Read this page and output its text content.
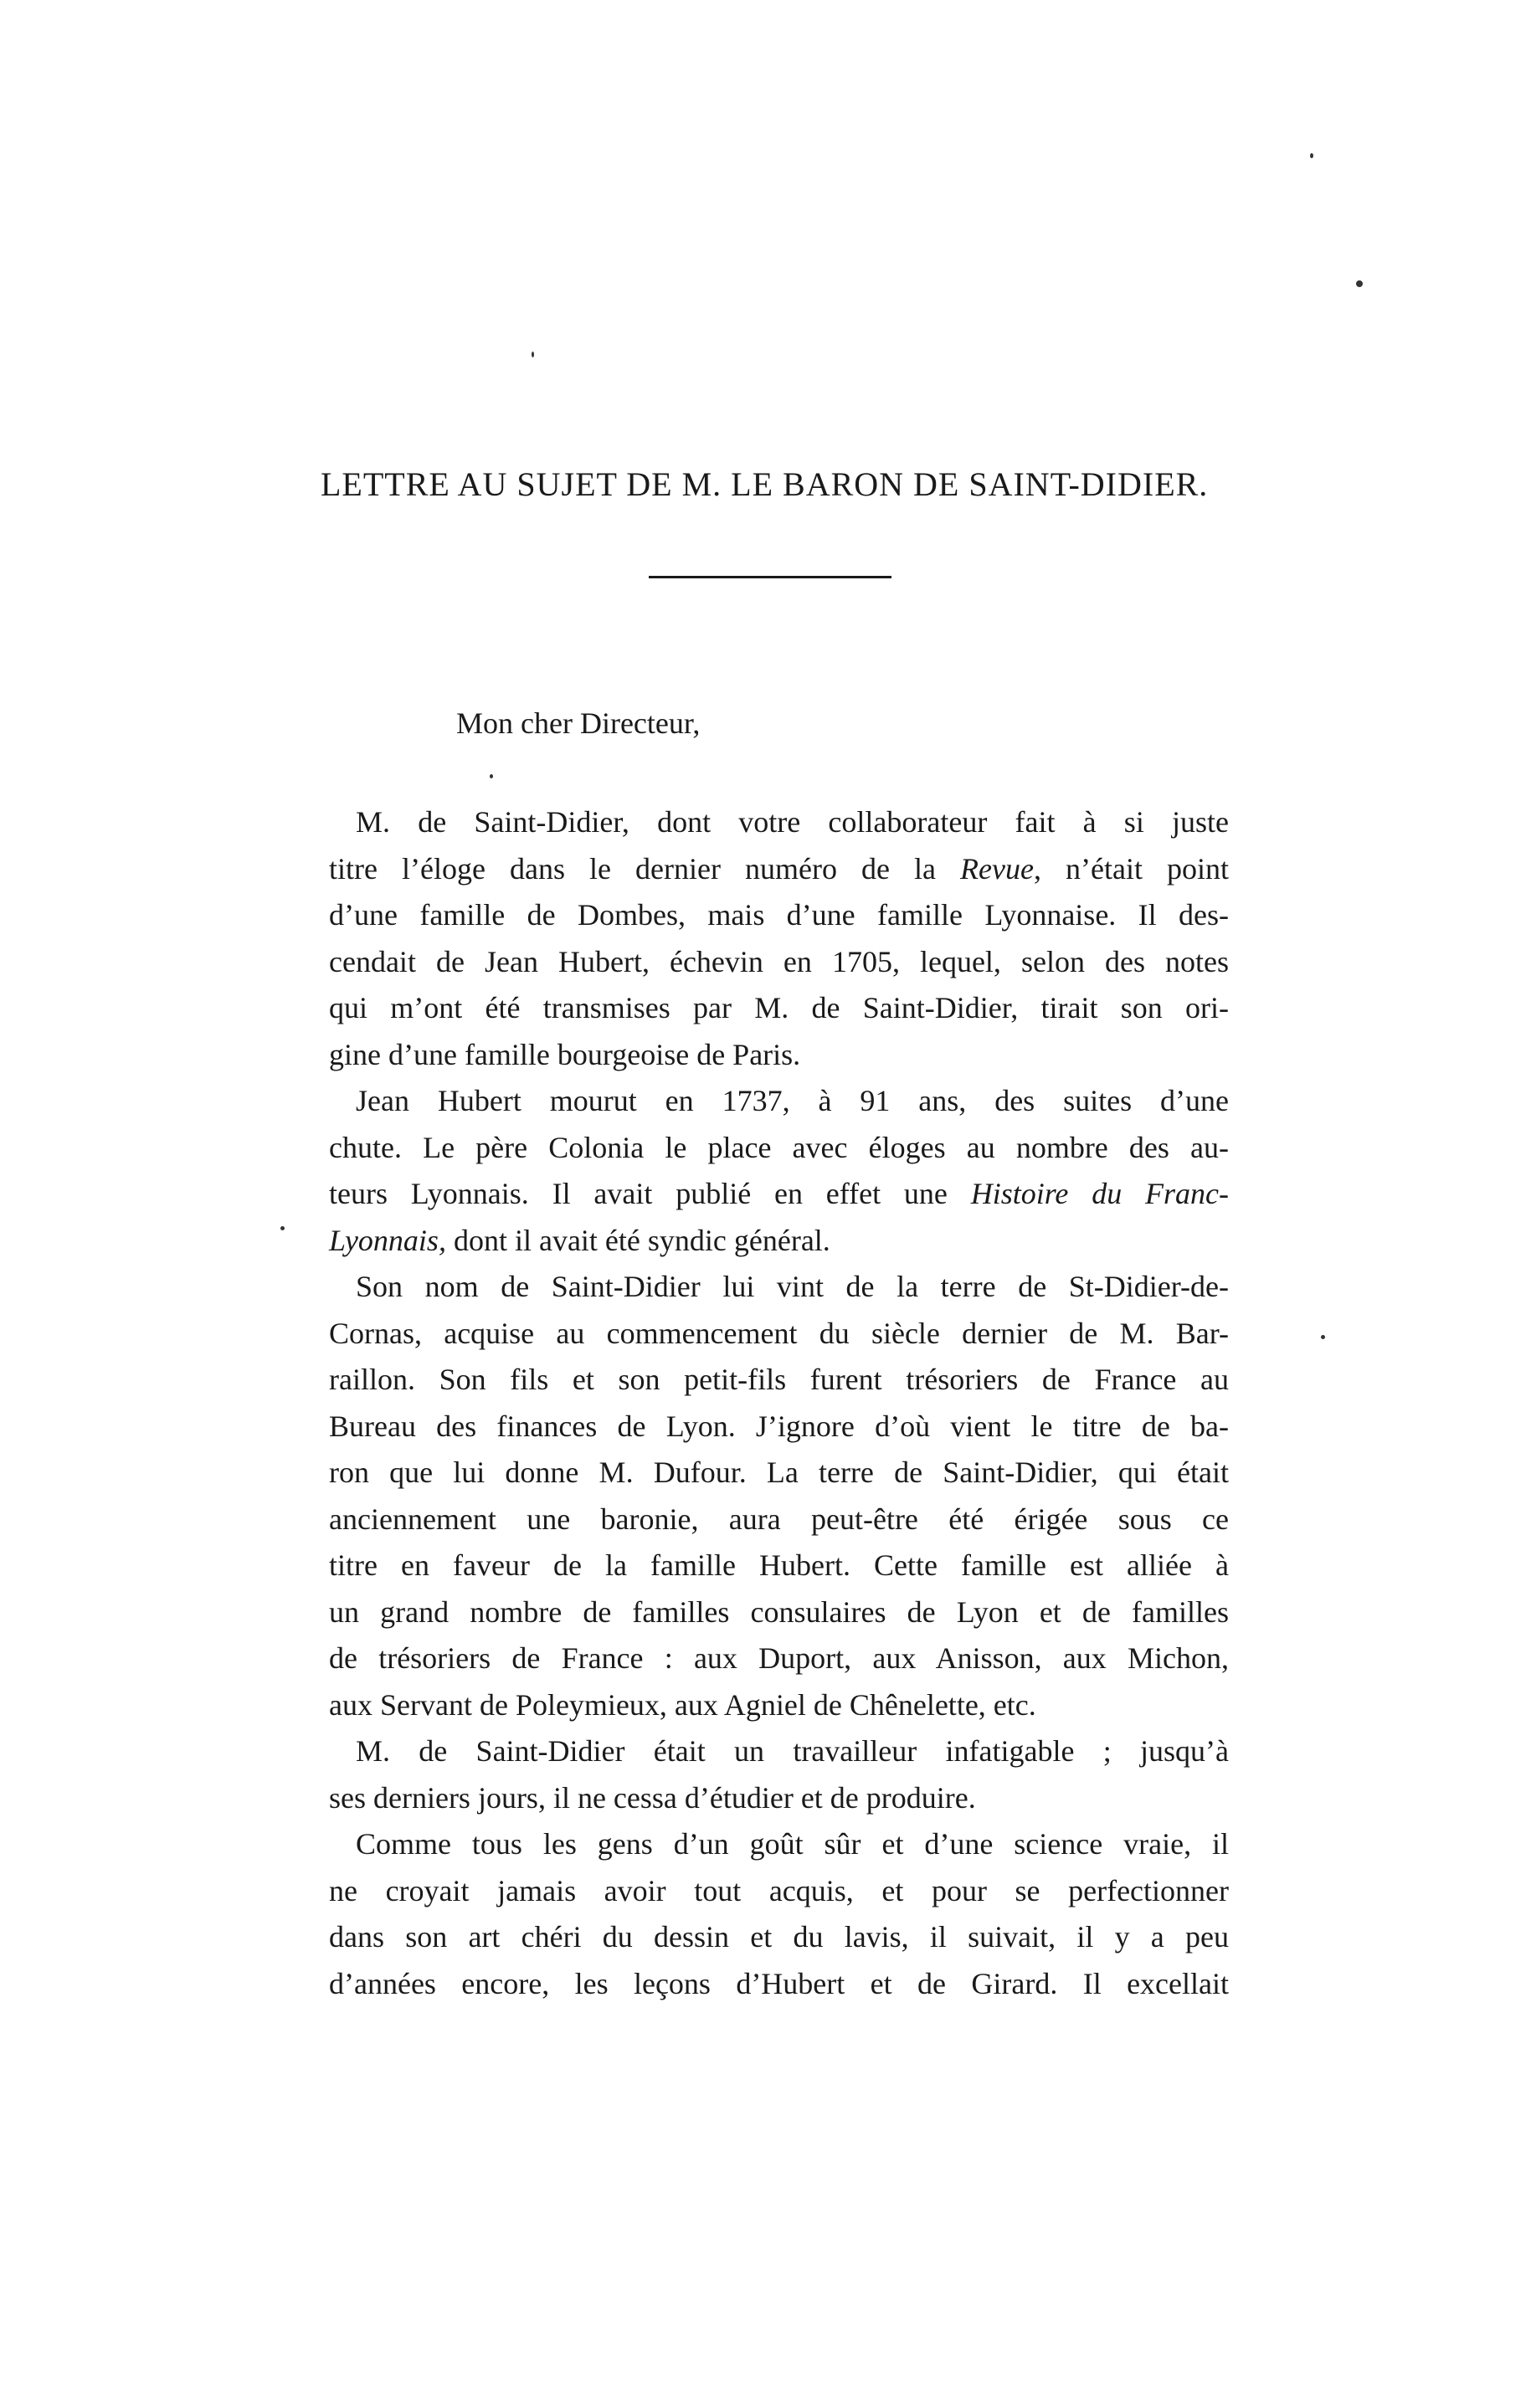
LETTRE AU SUJET DE M. LE BARON DE SAINT-DIDIER.
Mon cher Directeur,
M. de Saint-Didier, dont votre collaborateur fait à si juste
titre l’éloge dans le dernier numéro de la Revue, n’était point
d’une famille de Dombes, mais d’une famille Lyonnaise. Il des-
cendait de Jean Hubert, échevin en 1705, lequel, selon des notes
qui m’ont été transmises par M. de Saint-Didier, tirait son ori-
gine d’une famille bourgeoise de Paris.
Jean Hubert mourut en 1737, à 91 ans, des suites d’une
chute. Le père Colonia le place avec éloges au nombre des au-
teurs Lyonnais. Il avait publié en effet une Histoire du Franc-
Lyonnais, dont il avait été syndic général.
Son nom de Saint-Didier lui vint de la terre de St-Didier-de-
Cornas, acquise au commencement du siècle dernier de M. Bar-
raillon. Son fils et son petit-fils furent trésoriers de France au
Bureau des finances de Lyon. J’ignore d’où vient le titre de ba-
ron que lui donne M. Dufour. La terre de Saint-Didier, qui était
anciennement une baronie, aura peut-être été érigée sous ce
titre en faveur de la famille Hubert. Cette famille est alliée à
un grand nombre de familles consulaires de Lyon et de familles
de trésoriers de France : aux Duport, aux Anisson, aux Michon,
aux Servant de Poleymieux, aux Agniel de Chênelette, etc.
M. de Saint-Didier était un travailleur infatigable ; jusqu’à
ses derniers jours, il ne cessa d’étudier et de produire.
Comme tous les gens d’un goût sûr et d’une science vraie, il
ne croyait jamais avoir tout acquis, et pour se perfectionner
dans son art chéri du dessin et du lavis, il suivait, il y a peu
d’années encore, les leçons d’Hubert et de Girard. Il excellait
